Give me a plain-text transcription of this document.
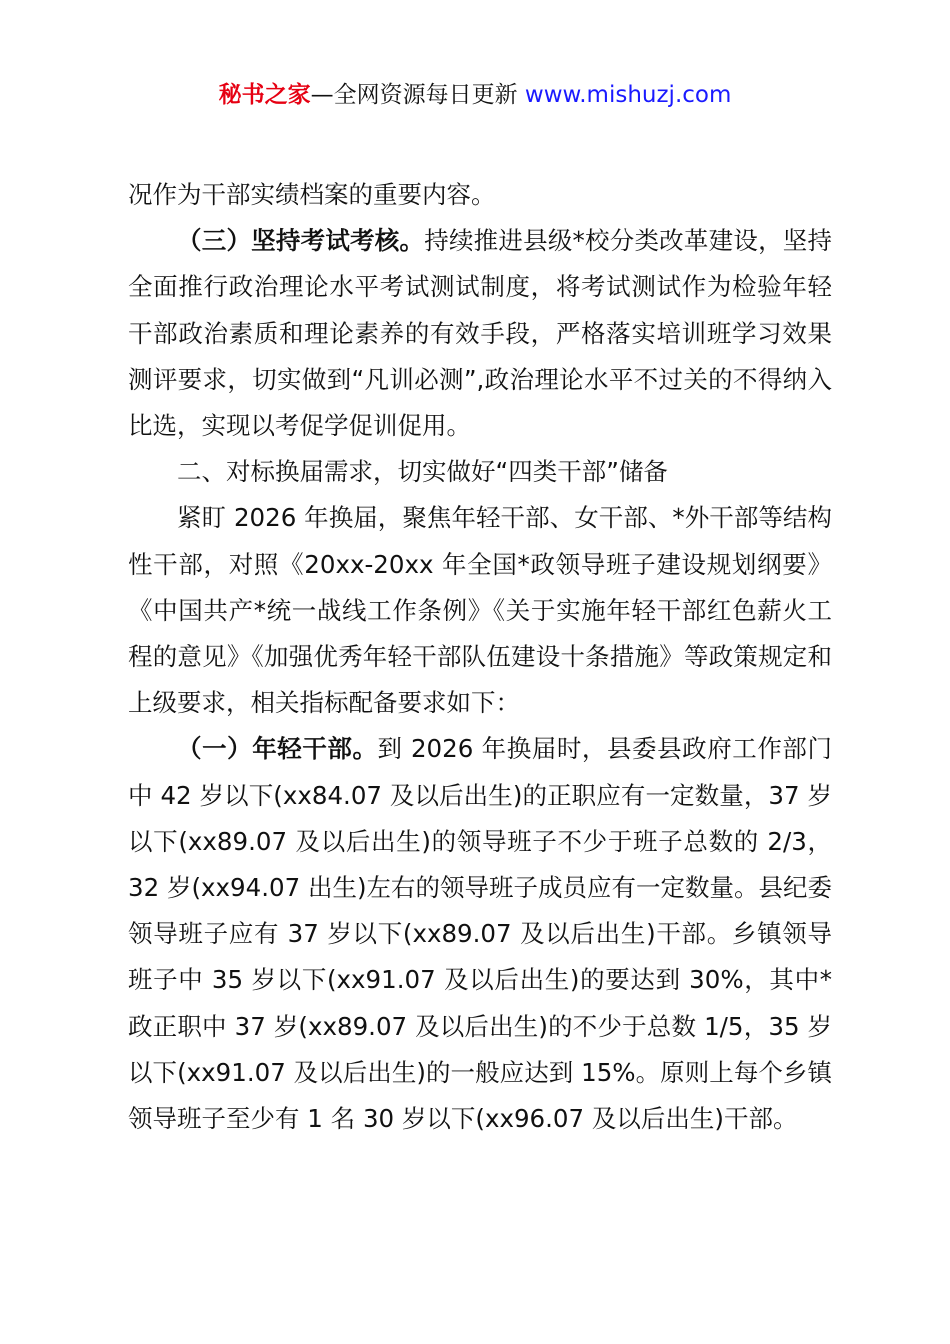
秘书之家—全网资源每日更新 www.mishuzj.com

况作为干部实绩档案的重要内容。

（三）坚持考试考核。持续推进县级*校分类改革建设，坚持全面推行政治理论水平考试测试制度，将考试测试作为检验年轻干部政治素质和理论素养的有效手段，严格落实培训班学习效果测评要求，切实做到“凡训必测”,政治理论水平不过关的不得纳入比选，实现以考促学促训促用。

二、对标换届需求，切实做好“四类干部”储备

紧盯 2026 年换届，聚焦年轻干部、女干部、*外干部等结构性干部，对照《20xx-20xx 年全国*政领导班子建设规划纲要》《中国共产*统一战线工作条例》《关于实施年轻干部红色薪火工程的意见》《加强优秀年轻干部队伍建设十条措施》等政策规定和上级要求，相关指标配备要求如下：

（一）年轻干部。到 2026 年换届时，县委县政府工作部门中 42 岁以下(xx84.07 及以后出生)的正职应有一定数量，37 岁以下(xx89.07 及以后出生)的领导班子不少于班子总数的 2/3，32 岁(xx94.07 出生)左右的领导班子成员应有一定数量。县纪委领导班子应有 37 岁以下(xx89.07 及以后出生)干部。乡镇领导班子中 35 岁以下(xx91.07 及以后出生)的要达到 30%，其中*政正职中 37 岁(xx89.07 及以后出生)的不少于总数 1/5，35 岁以下(xx91.07 及以后出生)的一般应达到 15%。原则上每个乡镇领导班子至少有 1 名 30 岁以下(xx96.07 及以后出生)干部。
